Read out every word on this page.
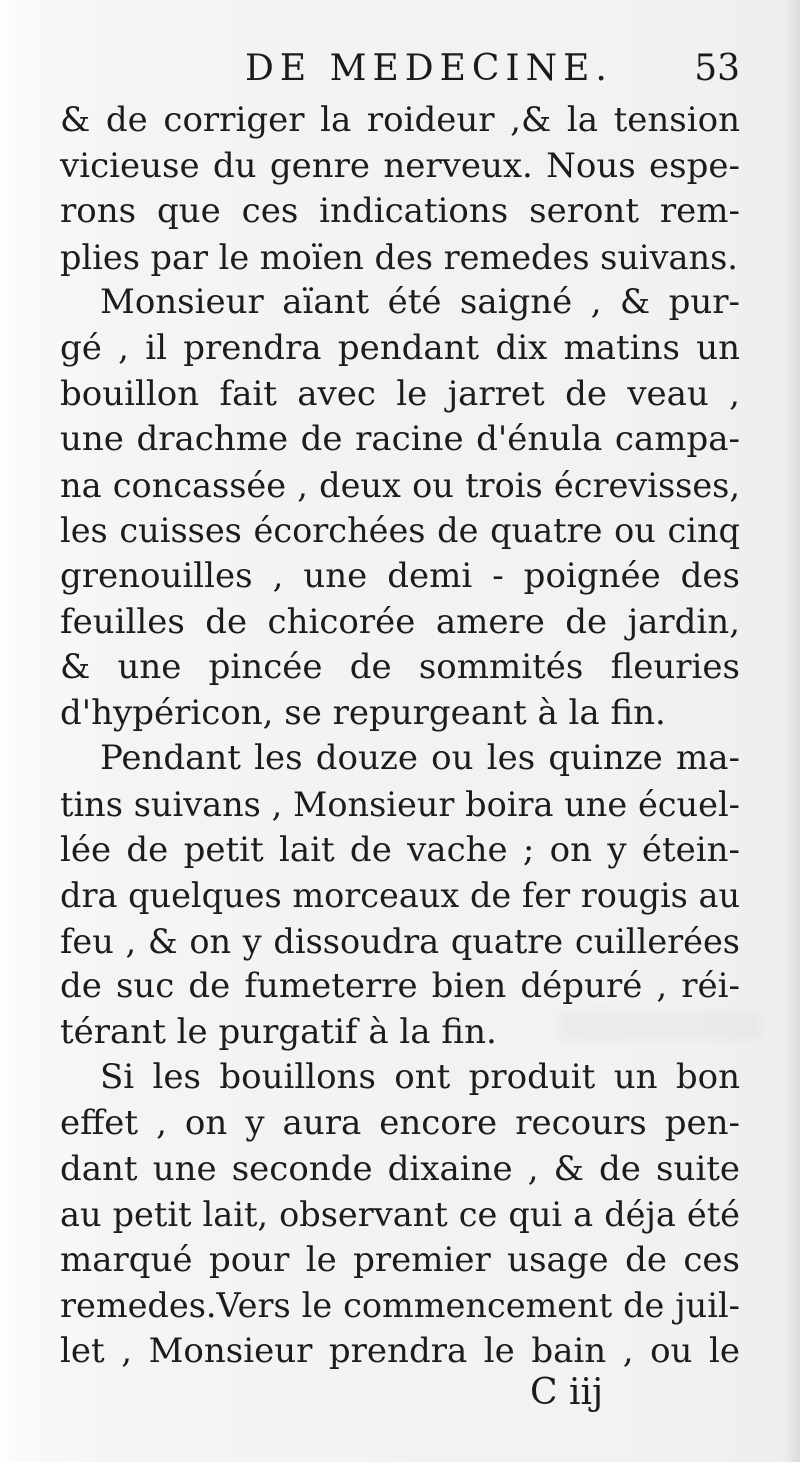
DE MEDECINE. 53
& de corriger la roideur ,& la tension
vicieuse du genre nerveux. Nous espe-
rons que ces indications seront rem-
plies par le moïen des remedes suivans.
Monsieur aïant été saigné , & pur-
gé , il prendra pendant dix matins un
bouillon fait avec le jarret de veau ,
une drachme de racine d'énula campa-
na concassée , deux ou trois écrevisses,
les cuisses écorchées de quatre ou cinq
grenouilles , une demi - poignée des
feuilles de chicorée amere de jardin,
& une pincée de sommités fleuries
d'hypéricon, se repurgeant à la fin.
Pendant les douze ou les quinze ma-
tins suivans , Monsieur boira une écuel-
lée de petit lait de vache ; on y étein-
dra quelques morceaux de fer rougis au
feu , & on y dissoudra quatre cuillerées
de suc de fumeterre bien dépuré , réi-
térant le purgatif à la fin.
Si les bouillons ont produit un bon
effet , on y aura encore recours pen-
dant une seconde dixaine , & de suite
au petit lait, observant ce qui a déja été
marqué pour le premier usage de ces
remedes.Vers le commencement de juil-
let , Monsieur prendra le bain , ou le
C iij
